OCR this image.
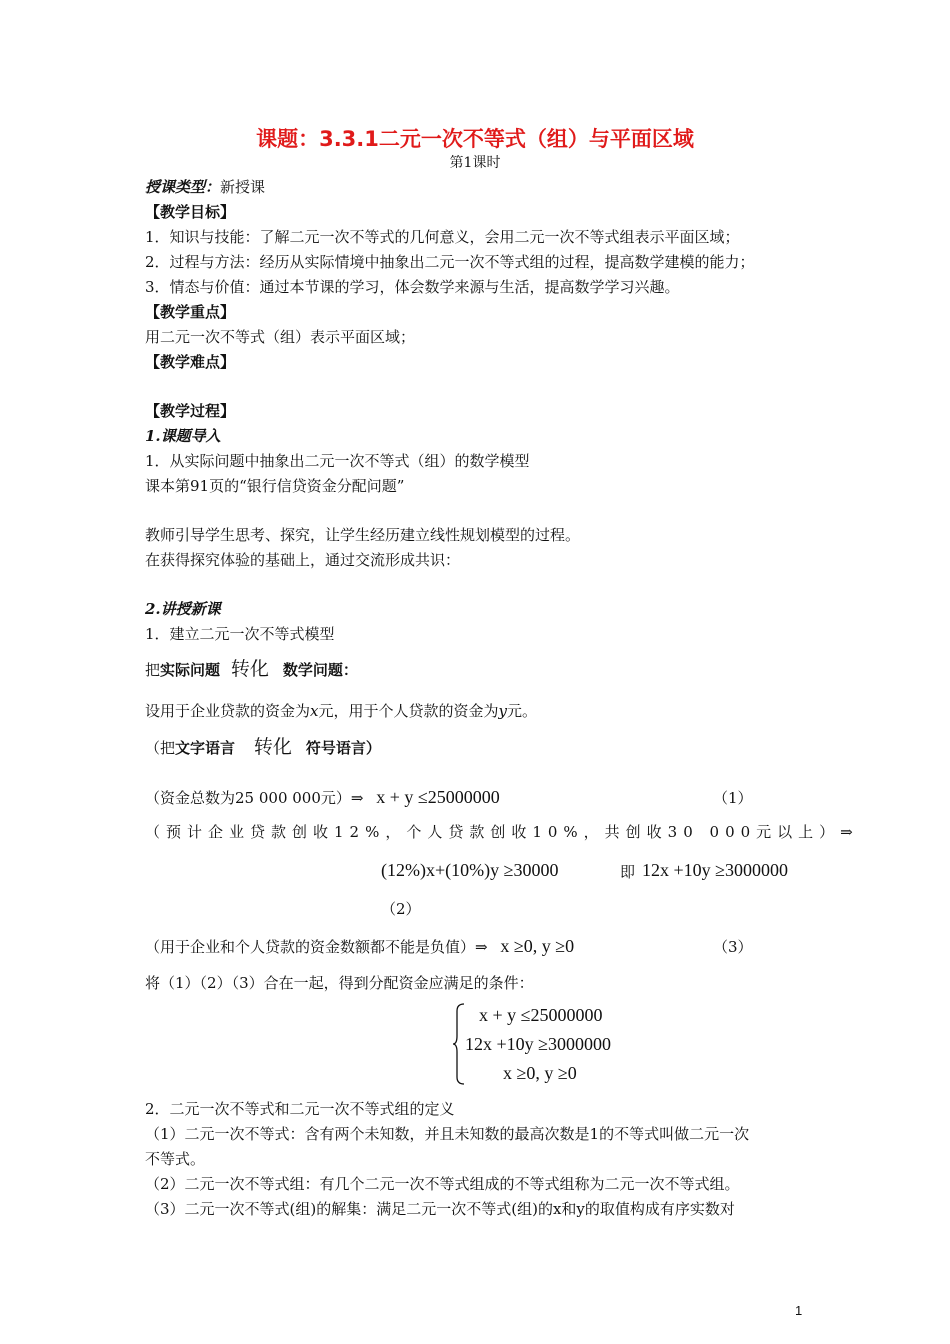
课题：3.3.1二元一次不等式（组）与平面区域
第1课时
授课类型：新授课
【教学目标】
1．知识与技能：了解二元一次不等式的几何意义，会用二元一次不等式组表示平面区域；
2．过程与方法：经历从实际情境中抽象出二元一次不等式组的过程，提高数学建模的能力；
3．情态与价值：通过本节课的学习，体会数学来源与生活，提高数学学习兴趣。
【教学重点】
用二元一次不等式（组）表示平面区域；
【教学难点】
【教学过程】
1.课题导入
1．从实际问题中抽象出二元一次不等式（组）的数学模型
课本第91页的“银行信贷资金分配问题”
教师引导学生思考、探究，让学生经历建立线性规划模型的过程。
在获得探究体验的基础上，通过交流形成共识：
2.讲授新课
1．建立二元一次不等式模型
把实际问题 转化 数学问题：
设用于企业贷款的资金为x元，用于个人贷款的资金为y元。
（把文字语言 转化 符号语言）
（资金总数为25 000 000元）⇒ x + y ≤25000000	（1）
（预计企业贷款创收12%，个人贷款创收10%，共创收30 000元以上）⇒
(12%)x+(10%)y ≥30000	即 12x +10y ≥3000000
（2）
（用于企业和个人贷款的资金数额都不能是负值）⇒ x ≥0, y ≥0	（3）
将（1）（2）（3）合在一起，得到分配资金应满足的条件：
x + y ≤25000000
12x +10y ≥3000000
x ≥0, y ≥0
2．二元一次不等式和二元一次不等式组的定义
（1）二元一次不等式：含有两个未知数，并且未知数的最高次数是1的不等式叫做二元一次
不等式。
（2）二元一次不等式组：有几个二元一次不等式组成的不等式组称为二元一次不等式组。
（3）二元一次不等式(组)的解集：满足二元一次不等式(组)的x和y的取值构成有序实数对
1
